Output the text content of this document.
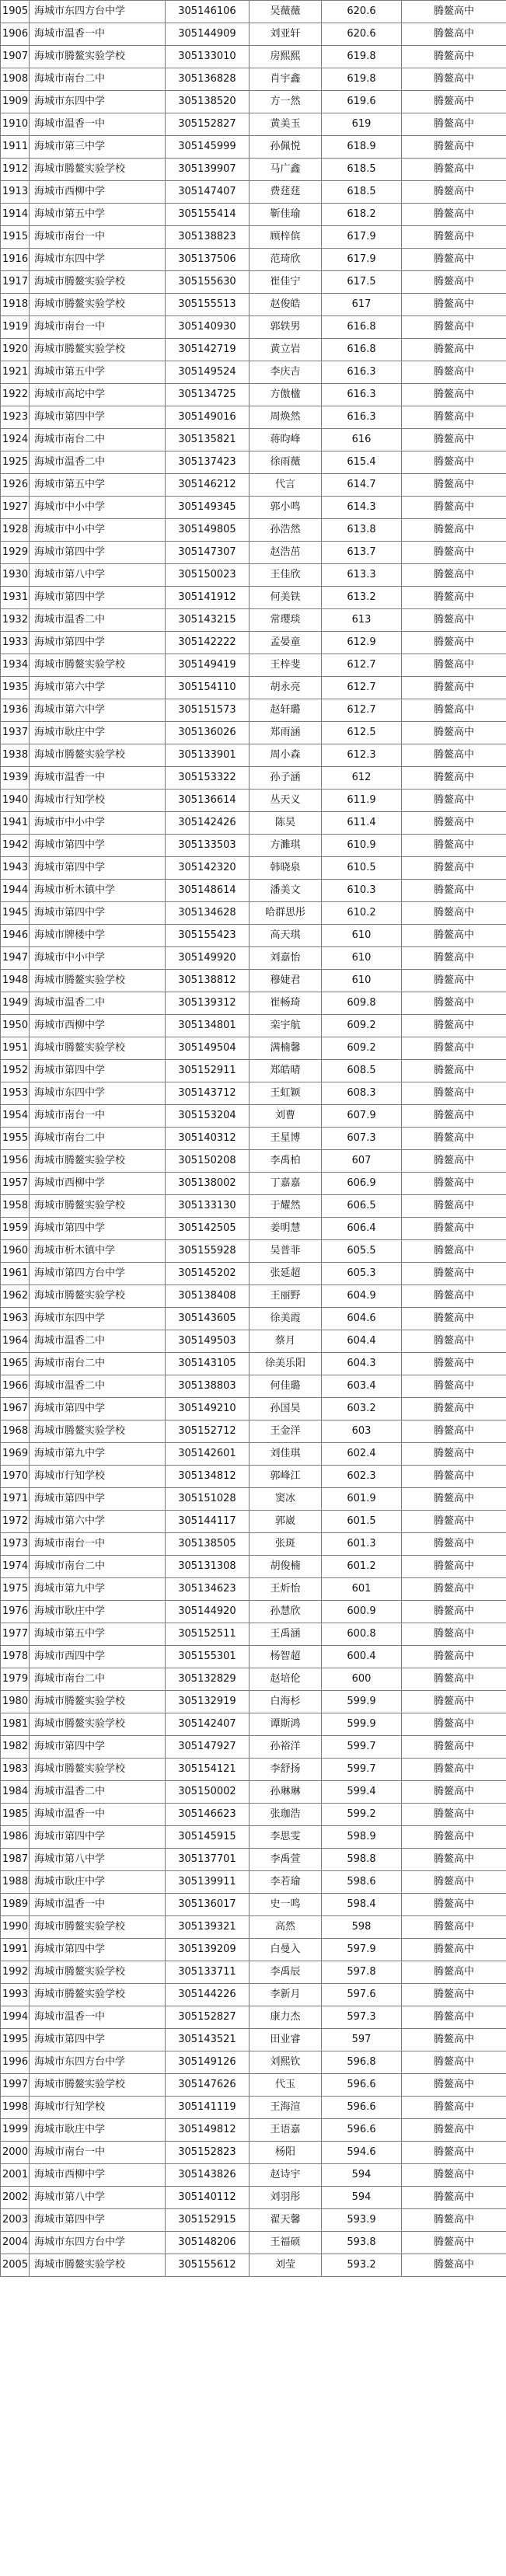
1905	海城市东四方台中学	305146106	吴薇薇	620.6	腾鳌高中
1906	海城市温香一中	305144909	刘亚轩	620.6	腾鳌高中
1907	海城市腾鳌实验学校	305133010	房熙熙	619.8	腾鳌高中
1908	海城市南台二中	305136828	肖宇鑫	619.8	腾鳌高中
1909	海城市东四中学	305138520	方一然	619.6	腾鳌高中
1910	海城市温香一中	305152827	黄美玉	619	腾鳌高中
1911	海城市第三中学	305145999	孙佩悦	618.9	腾鳌高中
1912	海城市腾鳌实验学校	305139907	马广鑫	618.5	腾鳌高中
1913	海城市西柳中学	305147407	费莛莛	618.5	腾鳌高中
1914	海城市第五中学	305155414	靳佳瑜	618.2	腾鳌高中
1915	海城市南台一中	305138823	顾梓傧	617.9	腾鳌高中
1916	海城市东四中学	305137506	范琦欣	617.9	腾鳌高中
1917	海城市腾鳌实验学校	305155630	崔佳宁	617.5	腾鳌高中
1918	海城市腾鳌实验学校	305155513	赵俊皓	617	腾鳌高中
1919	海城市南台一中	305140930	郭轶男	616.8	腾鳌高中
1920	海城市腾鳌实验学校	305142719	黄立岩	616.8	腾鳌高中
1921	海城市第五中学	305149524	李庆吉	616.3	腾鳌高中
1922	海城市高坨中学	305134725	方傲楹	616.3	腾鳌高中
1923	海城市第四中学	305149016	周焕然	616.3	腾鳌高中
1924	海城市南台二中	305135821	蒋昀峰	616	腾鳌高中
1925	海城市温香二中	305137423	徐雨薇	615.4	腾鳌高中
1926	海城市第五中学	305146212	代言	614.7	腾鳌高中
1927	海城市中小中学	305149345	郭小鸣	614.3	腾鳌高中
1928	海城市中小中学	305149805	孙浩然	613.8	腾鳌高中
1929	海城市第四中学	305147307	赵浩茁	613.7	腾鳌高中
1930	海城市第八中学	305150023	王佳欣	613.3	腾鳌高中
1931	海城市第四中学	305141912	何美铁	613.2	腾鳌高中
1932	海城市温香二中	305143215	常璎琰	613	腾鳌高中
1933	海城市第四中学	305142222	孟晏童	612.9	腾鳌高中
1934	海城市腾鳌实验学校	305149419	王梓斐	612.7	腾鳌高中
1935	海城市第六中学	305154110	胡永亮	612.7	腾鳌高中
1936	海城市第六中学	305151573	赵轩璐	612.7	腾鳌高中
1937	海城市耿庄中学	305136026	郑雨涵	612.5	腾鳌高中
1938	海城市腾鳌实验学校	305133901	周小森	612.3	腾鳌高中
1939	海城市温香一中	305153322	孙子涵	612	腾鳌高中
1940	海城市行知学校	305136614	丛天义	611.9	腾鳌高中
1941	海城市中小中学	305142426	陈昊	611.4	腾鳌高中
1942	海城市第四中学	305133503	方濉琪	610.9	腾鳌高中
1943	海城市第四中学	305142320	韩晓泉	610.5	腾鳌高中
1944	海城市析木镇中学	305148614	潘美文	610.3	腾鳌高中
1945	海城市第四中学	305134628	哈群思彤	610.2	腾鳌高中
1946	海城市牌楼中学	305155423	高天琪	610	腾鳌高中
1947	海城市中小中学	305149920	刘嘉怡	610	腾鳌高中
1948	海城市腾鳌实验学校	305138812	穆婕君	610	腾鳌高中
1949	海城市温香二中	305139312	崔畅琦	609.8	腾鳌高中
1950	海城市西柳中学	305134801	栾宇航	609.2	腾鳌高中
1951	海城市腾鳌实验学校	305149504	满楠馨	609.2	腾鳌高中
1952	海城市第四中学	305152911	郑皓晴	608.5	腾鳌高中
1953	海城市东四中学	305143712	王虹颖	608.3	腾鳌高中
1954	海城市南台一中	305153204	刘曹	607.9	腾鳌高中
1955	海城市南台二中	305140312	王星博	607.3	腾鳌高中
1956	海城市腾鳌实验学校	305150208	李禹柏	607	腾鳌高中
1957	海城市西柳中学	305138002	丁嘉嘉	606.9	腾鳌高中
1958	海城市腾鳌实验学校	305133130	于耀然	606.5	腾鳌高中
1959	海城市第四中学	305142505	姜明慧	606.4	腾鳌高中
1960	海城市析木镇中学	305155928	吴普菲	605.5	腾鳌高中
1961	海城市第四方台中学	305145202	张延超	605.3	腾鳌高中
1962	海城市腾鳌实验学校	305138408	王丽野	604.9	腾鳌高中
1963	海城市东四中学	305143605	徐美霞	604.6	腾鳌高中
1964	海城市温香二中	305149503	蔡月	604.4	腾鳌高中
1965	海城市南台二中	305143105	徐美乐阳	604.3	腾鳌高中
1966	海城市温香二中	305138803	何佳璐	603.4	腾鳌高中
1967	海城市第四中学	305149210	孙国昊	603.2	腾鳌高中
1968	海城市腾鳌实验学校	305152712	王金洋	603	腾鳌高中
1969	海城市第九中学	305142601	刘佳琪	602.4	腾鳌高中
1970	海城市行知学校	305134812	郭峰江	602.3	腾鳌高中
1971	海城市第四中学	305151028	窦冰	601.9	腾鳌高中
1972	海城市第六中学	305144117	郭崴	601.5	腾鳌高中
1973	海城市南台一中	305138505	张斑	601.3	腾鳌高中
1974	海城市南台二中	305131308	胡俊楠	601.2	腾鳌高中
1975	海城市第九中学	305134623	王炘怡	601	腾鳌高中
1976	海城市耿庄中学	305144920	孙慧欣	600.9	腾鳌高中
1977	海城市第五中学	305152511	王禹涵	600.8	腾鳌高中
1978	海城市西四中学	305155301	杨智超	600.4	腾鳌高中
1979	海城市南台二中	305132829	赵培伦	600	腾鳌高中
1980	海城市腾鳌实验学校	305132919	白海杉	599.9	腾鳌高中
1981	海城市腾鳌实验学校	305142407	谭斯鸿	599.9	腾鳌高中
1982	海城市第四中学	305147927	孙裕洋	599.7	腾鳌高中
1983	海城市腾鳌实验学校	305154121	李舒扬	599.7	腾鳌高中
1984	海城市温香二中	305150002	孙琳琳	599.4	腾鳌高中
1985	海城市温香一中	305146623	张珈浩	599.2	腾鳌高中
1986	海城市第四中学	305145915	李思雯	598.9	腾鳌高中
1987	海城市第八中学	305137701	李禹萱	598.8	腾鳌高中
1988	海城市耿庄中学	305139911	李若瑜	598.6	腾鳌高中
1989	海城市温香一中	305136017	史一鸣	598.4	腾鳌高中
1990	海城市腾鳌实验学校	305139321	高然	598	腾鳌高中
1991	海城市第四中学	305139209	白曼入	597.9	腾鳌高中
1992	海城市腾鳌实验学校	305133711	李禹辰	597.8	腾鳌高中
1993	海城市腾鳌实验学校	305144226	李新月	597.6	腾鳌高中
1994	海城市温香一中	305152827	康力杰	597.3	腾鳌高中
1995	海城市第四中学	305143521	田业睿	597	腾鳌高中
1996	海城市东四方台中学	305149126	刘熙钦	596.8	腾鳌高中
1997	海城市腾鳌实验学校	305147626	代玉	596.6	腾鳌高中
1998	海城市行知学校	305141119	王海渲	596.6	腾鳌高中
1999	海城市耿庄中学	305149812	王语嘉	596.6	腾鳌高中
2000	海城市南台一中	305152823	杨阳	594.6	腾鳌高中
2001	海城市西柳中学	305143826	赵诗宇	594	腾鳌高中
2002	海城市第八中学	305140112	刘羽彤	594	腾鳌高中
2003	海城市第四中学	305152915	翟天馨	593.9	腾鳌高中
2004	海城市东四方台中学	305148206	王福硕	593.8	腾鳌高中
2005	海城市腾鳌实验学校	305155612	刘莹	593.2	腾鳌高中
